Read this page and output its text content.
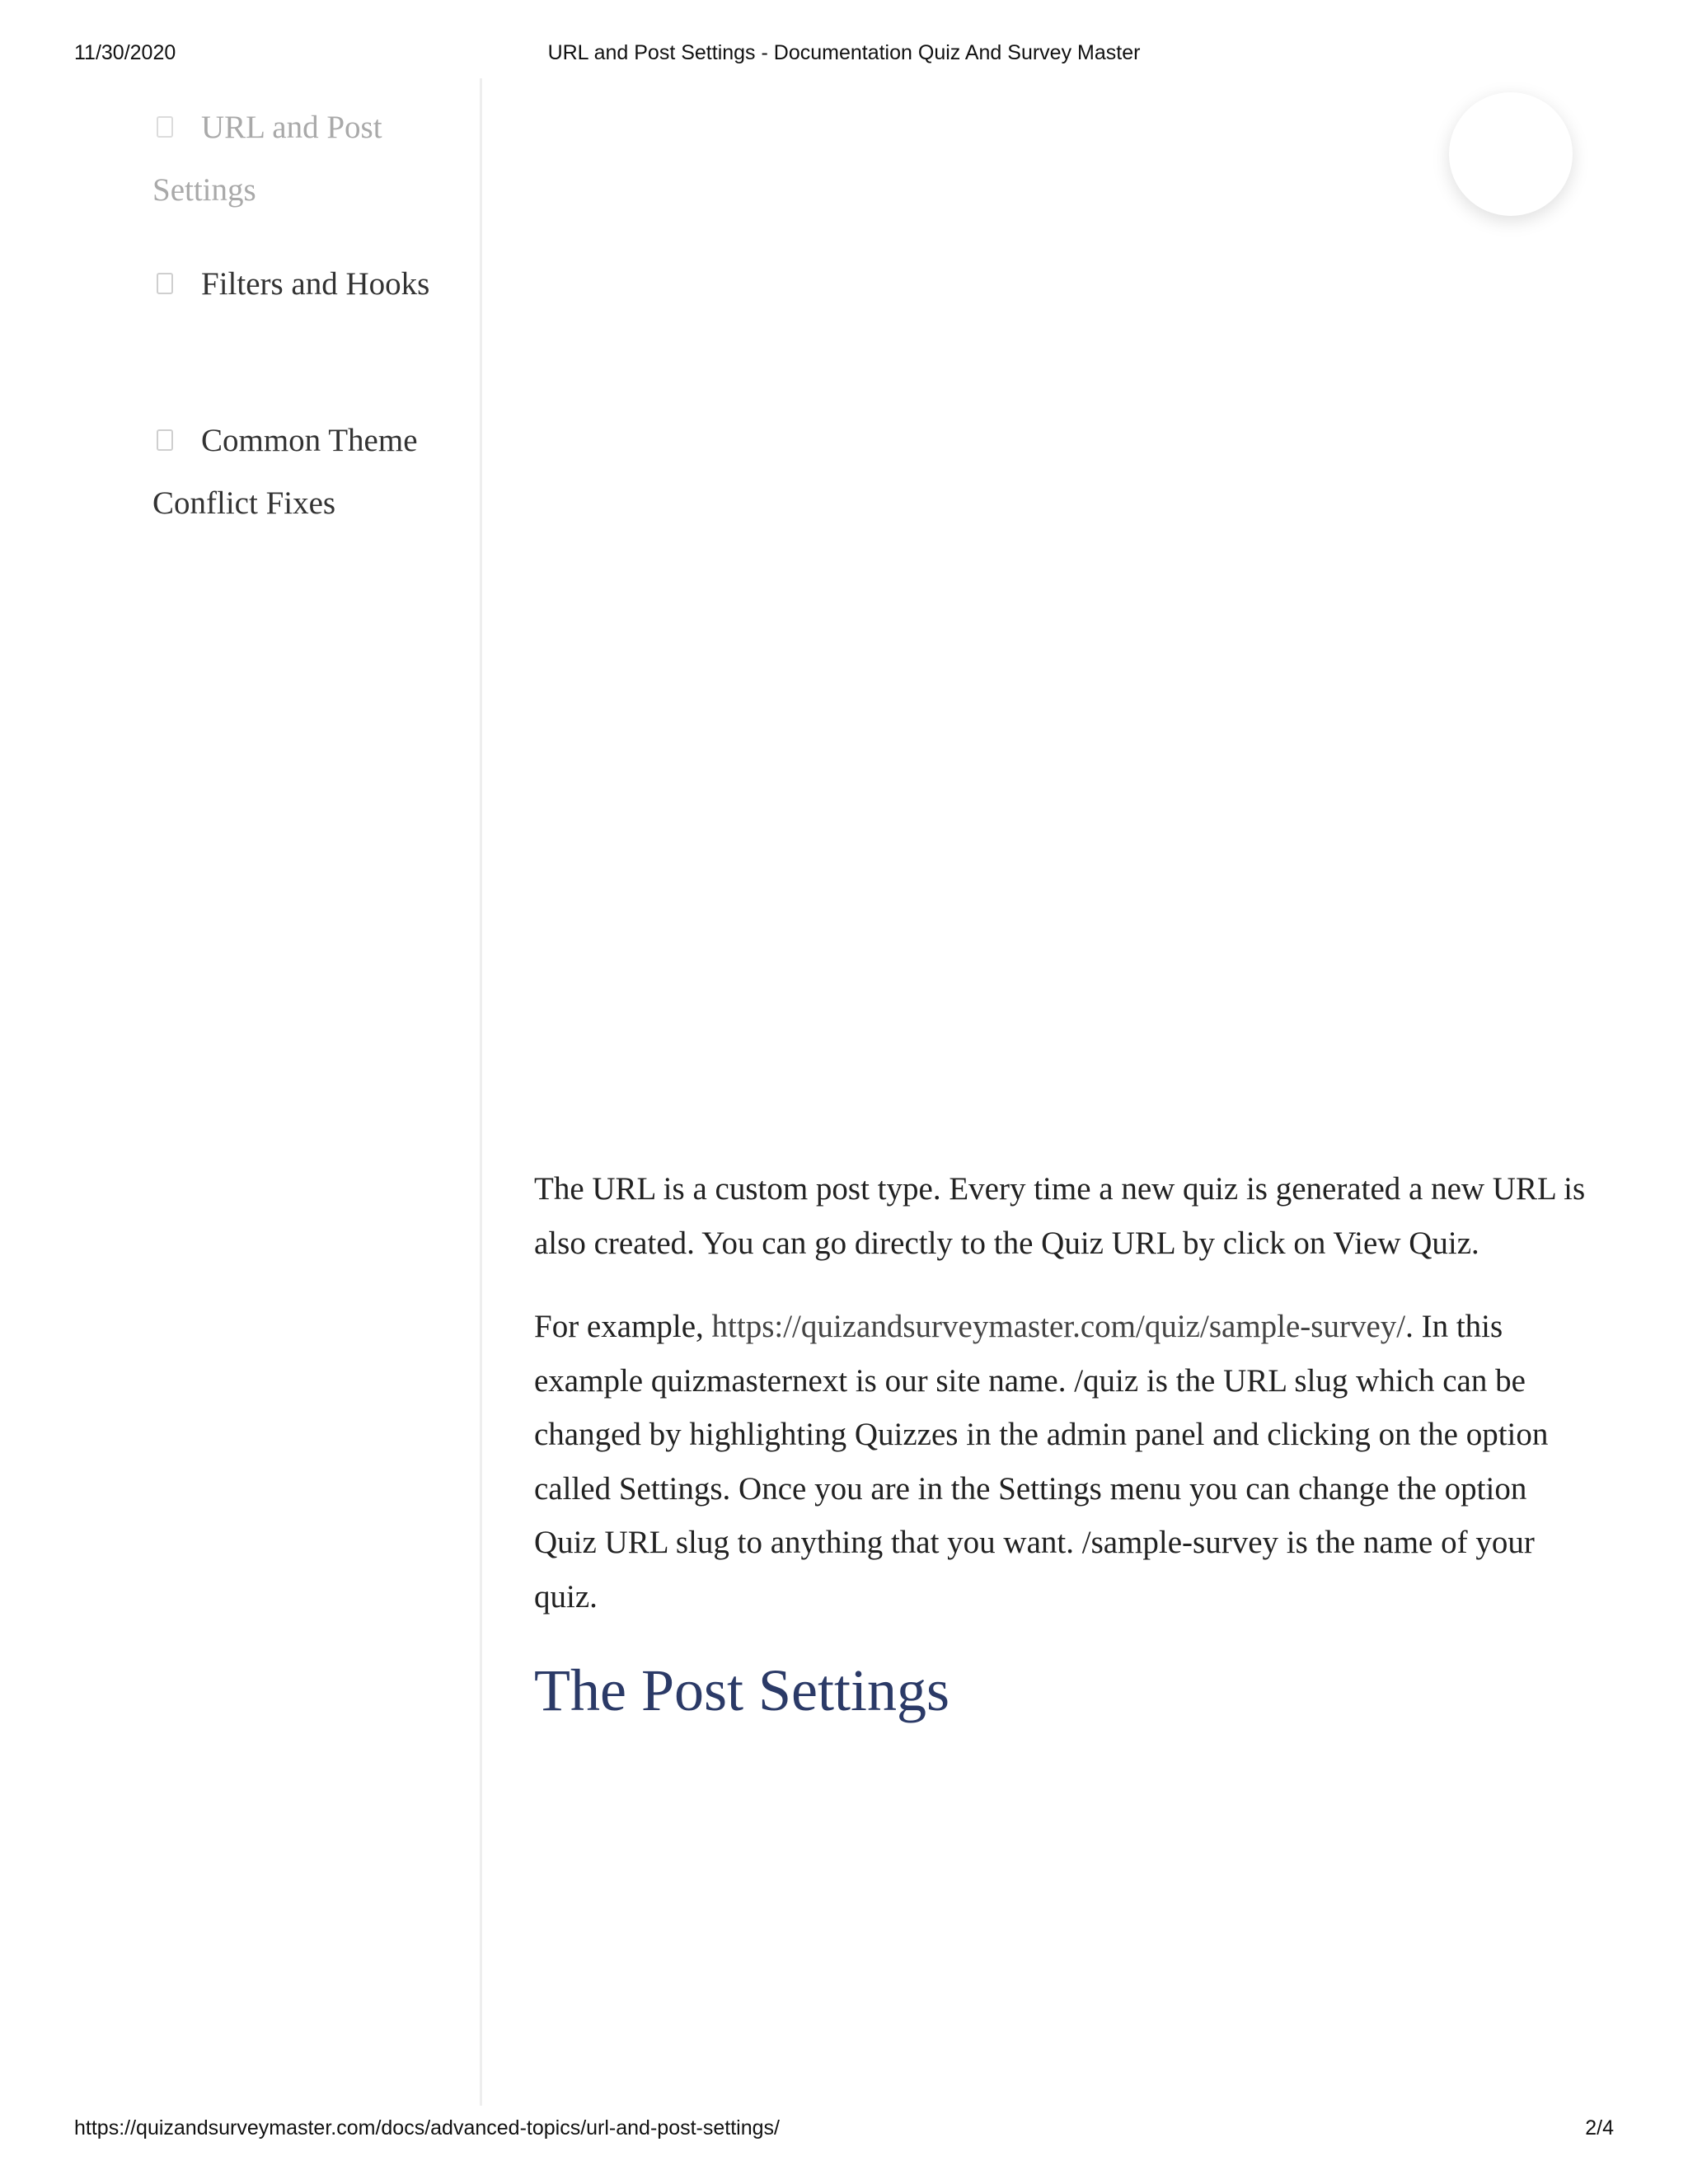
11/30/2020	URL and Post Settings - Documentation Quiz And Survey Master
URL and Post Settings
Filters and Hooks
Common Theme Conflict Fixes

The URL is a custom post type. Every time a new quiz is generated a new URL is also created. You can go directly to the Quiz URL by click on View Quiz.

For example, https://quizandsurveymaster.com/quiz/sample-survey/. In this example quizmasternext is our site name. /quiz is the URL slug which can be changed by highlighting Quizzes in the admin panel and clicking on the option called Settings. Once you are in the Settings menu you can change the option Quiz URL slug to anything that you want. /sample-survey is the name of your quiz.

The Post Settings
https://quizandsurveymaster.com/docs/advanced-topics/url-and-post-settings/	2/4
